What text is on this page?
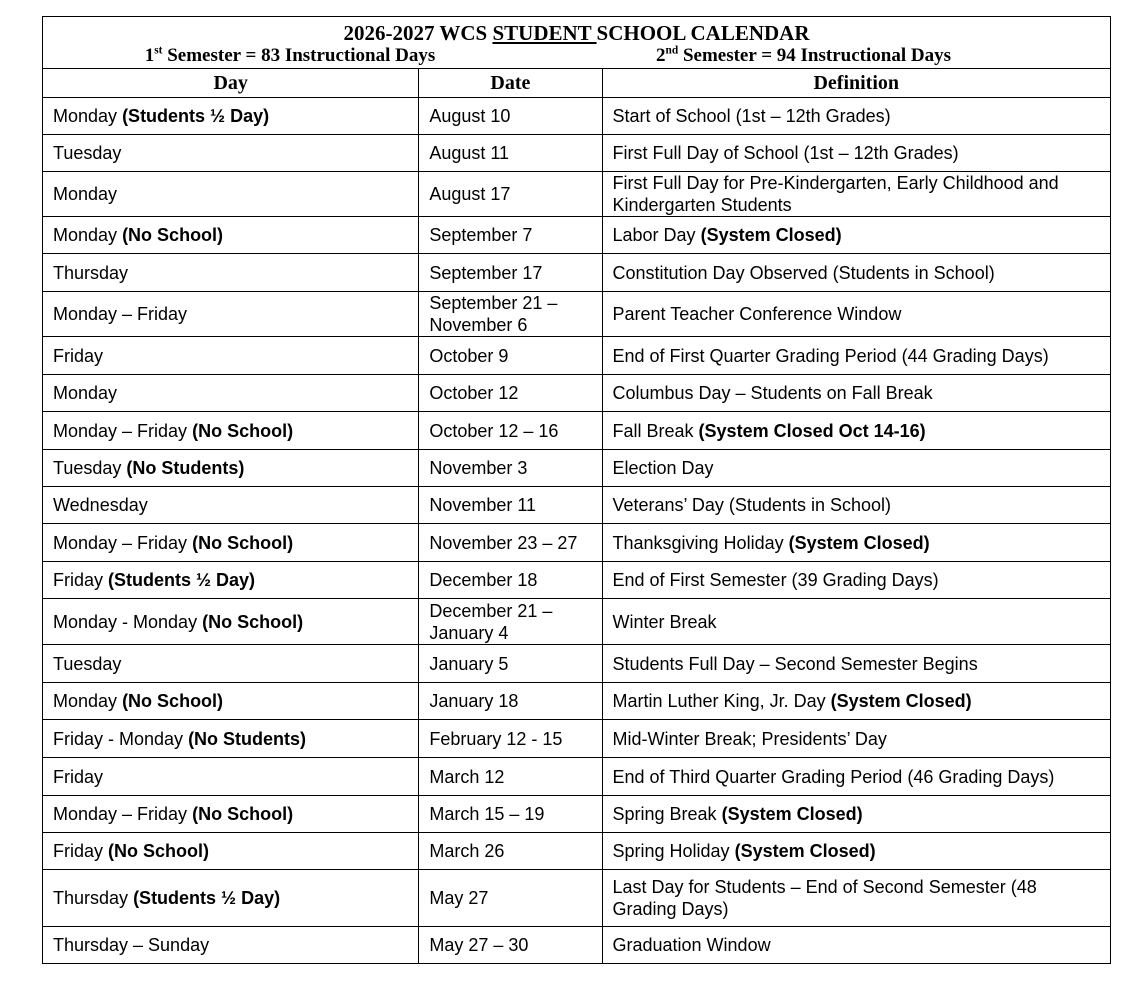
2026-2027 WCS STUDENT SCHOOL CALENDAR
1st Semester = 83 Instructional Days 2nd Semester = 94 Instructional Days		

Day	Date	Definition
Monday (Students ½ Day)	August 10	Start of School (1st – 12th Grades)
Tuesday	August 11	First Full Day of School (1st – 12th Grades)
Monday	August 17	First Full Day for Pre-Kindergarten, Early Childhood and Kindergarten Students
Monday (No School)	September 7	Labor Day (System Closed)
Thursday	September 17	Constitution Day Observed (Students in School)
Monday – Friday	September 21 – November 6	Parent Teacher Conference Window
Friday	October 9	End of First Quarter Grading Period (44 Grading Days)
Monday	October 12	Columbus Day – Students on Fall Break
Monday – Friday (No School)	October 12 – 16	Fall Break (System Closed Oct 14-16)
Tuesday (No Students)	November 3	Election Day
Wednesday	November 11	Veterans’ Day (Students in School)
Monday – Friday (No School)	November 23 – 27	Thanksgiving Holiday (System Closed)
Friday (Students ½ Day)	December 18	End of First Semester (39 Grading Days)
Monday - Monday (No School)	December 21 – January 4	Winter Break
Tuesday	January 5	Students Full Day – Second Semester Begins
Monday (No School)	January 18	Martin Luther King, Jr. Day (System Closed)
Friday - Monday (No Students)	February 12 - 15	Mid-Winter Break; Presidents’ Day
Friday	March 12	End of Third Quarter Grading Period (46 Grading Days)
Monday – Friday (No School)	March 15 – 19	Spring Break (System Closed)
Friday (No School)	March 26	Spring Holiday (System Closed)
Thursday (Students ½ Day)	May 27	Last Day for Students – End of Second Semester (48 Grading Days)
Thursday – Sunday	May 27 – 30	Graduation Window
